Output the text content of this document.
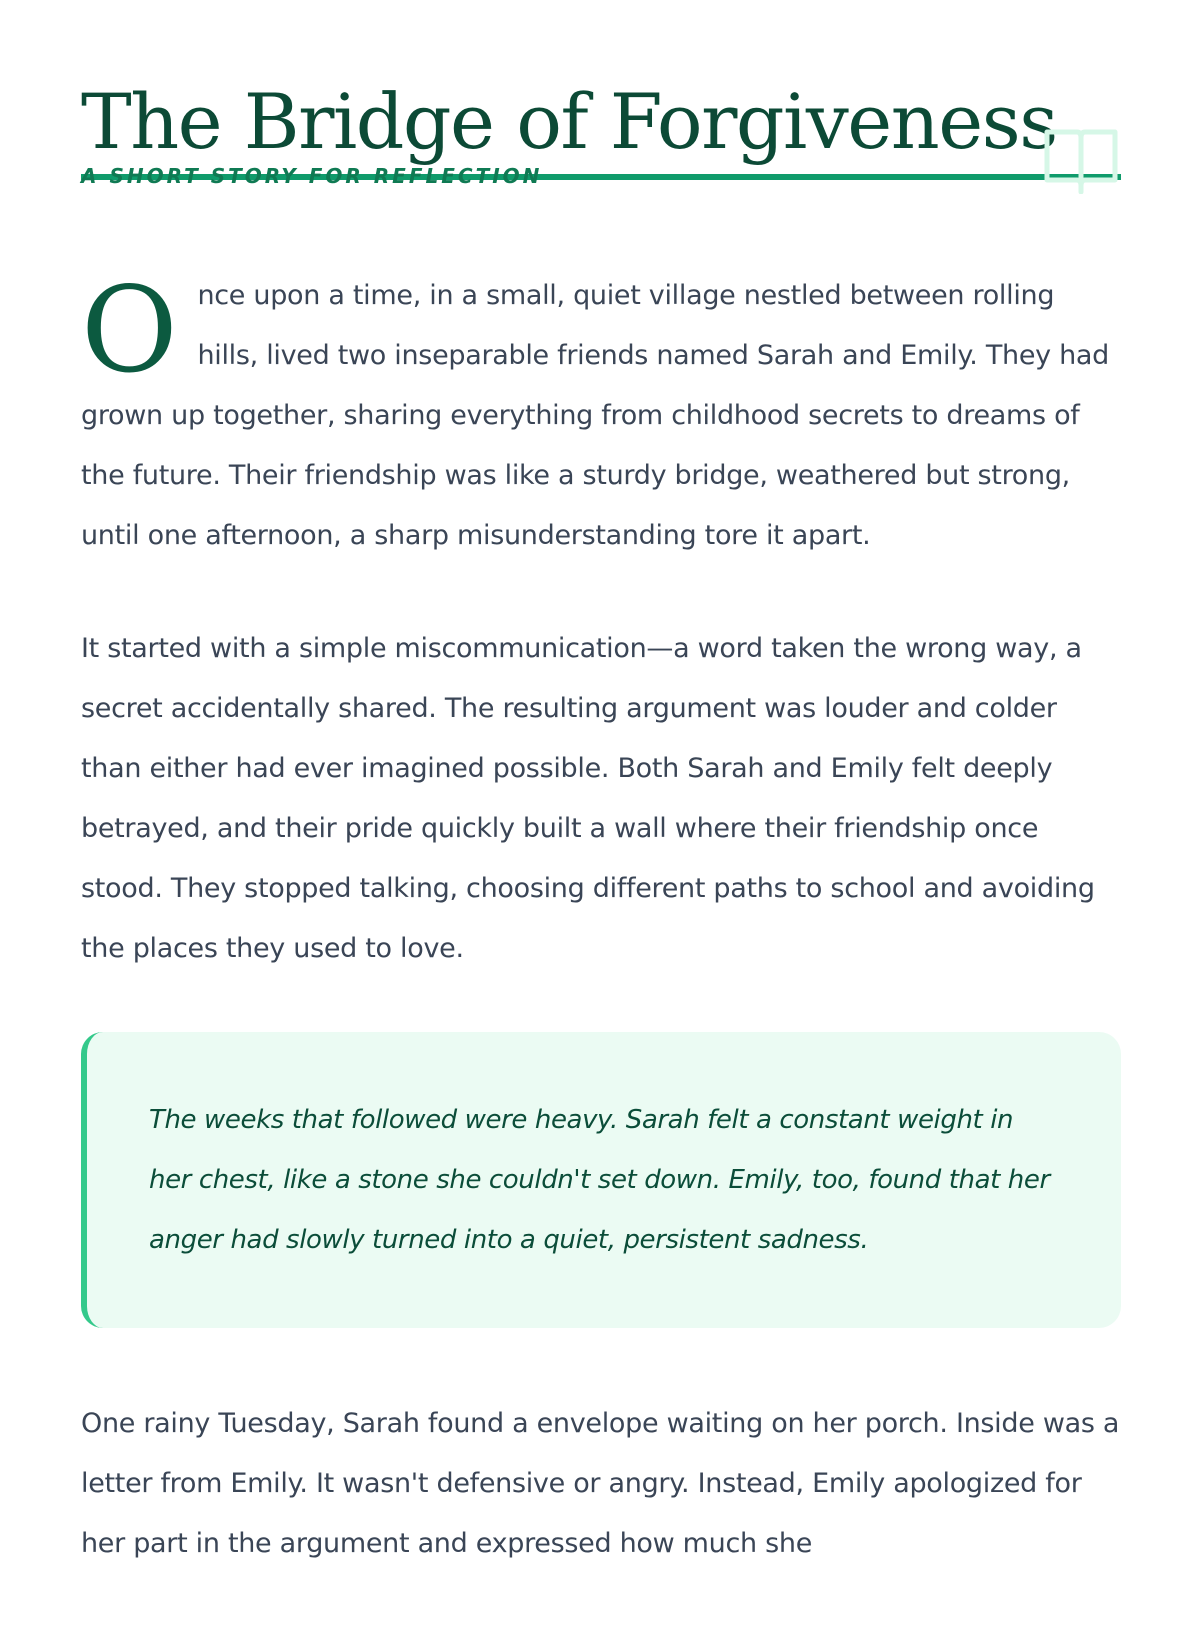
The Bridge of Forgiveness

A SHORT STORY FOR REFLECTION

O nce upon a time, in a small, quiet village nestled between rolling hills, lived two inseparable friends named Sarah and Emily. They had grown up together, sharing everything from childhood secrets to dreams of the future. Their friendship was like a sturdy bridge, weathered but strong, until one afternoon, a sharp misunderstanding tore it apart.

It started with a simple miscommunication—a word taken the wrong way, a secret accidentally shared. The resulting argument was louder and colder than either had ever imagined possible. Both Sarah and Emily felt deeply betrayed, and their pride quickly built a wall where their friendship once stood. They stopped talking, choosing different paths to school and avoiding the places they used to love.

The weeks that followed were heavy. Sarah felt a constant weight in her chest, like a stone she couldn't set down. Emily, too, found that her anger had slowly turned into a quiet, persistent sadness.

One rainy Tuesday, Sarah found a envelope waiting on her porch. Inside was a letter from Emily. It wasn't defensive or angry. Instead, Emily apologized for her part in the argument and expressed how much she
